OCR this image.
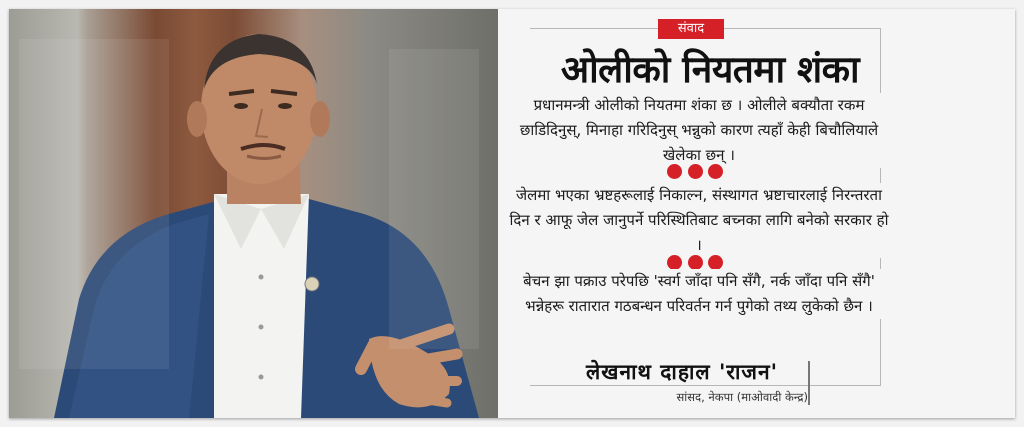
संवाद
ओलीको नियतमा शंका
प्रधानमन्त्री ओलीको नियतमा शंका छ । ओलीले बक्यौता रकम छाडिदिनुस्, मिनाहा गरिदिनुस् भन्नुको कारण त्यहाँ केही बिचौलियाले खेलेका छन् ।
जेलमा भएका भ्रष्टहरूलाई निकाल्न, संस्थागत भ्रष्टाचारलाई निरन्तरता दिन र आफू जेल जानुपर्ने परिस्थितिबाट बच्नका लागि बनेको सरकार हो ।
बेचन झा पक्राउ परेपछि 'स्वर्ग जाँदा पनि सँगै, नर्क जाँदा पनि सँगै' भन्नेहरू रातारात गठबन्धन परिवर्तन गर्न पुगेको तथ्य लुकेको छैन ।
लेखनाथ दाहाल 'राजन'
सांसद, नेकपा (माओवादी केन्द्र)
